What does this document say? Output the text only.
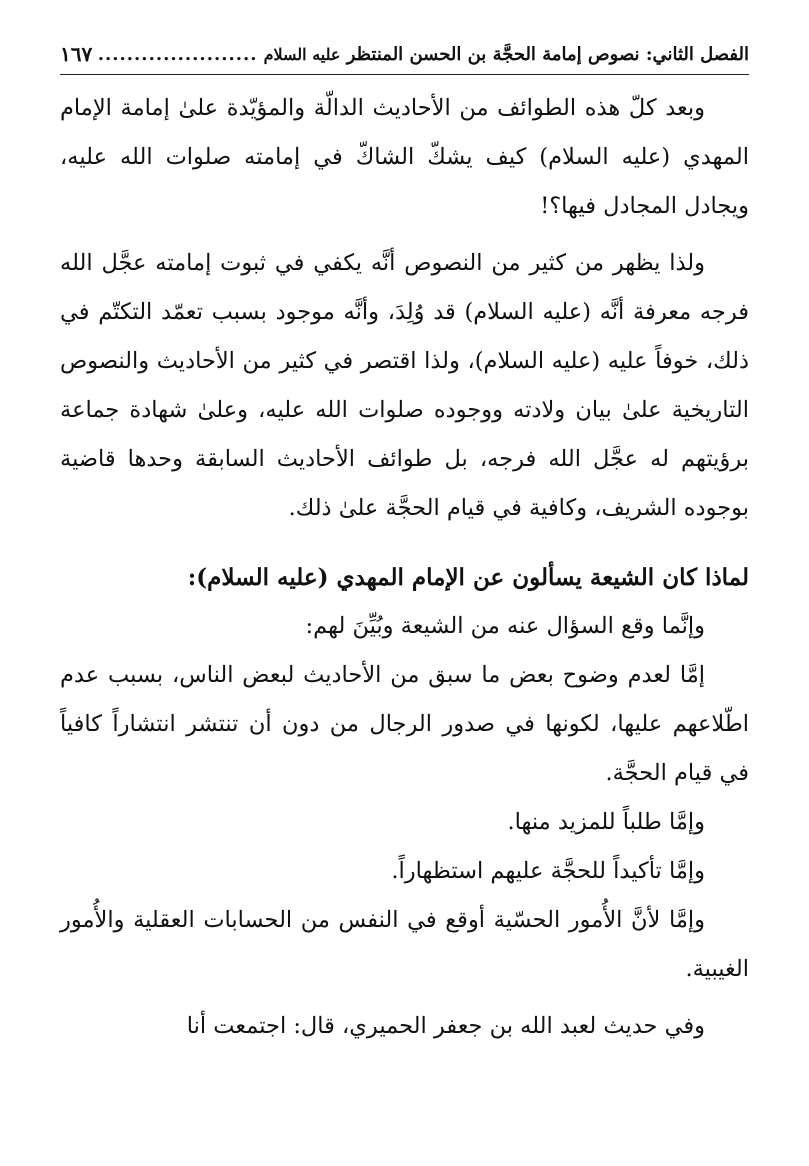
الفصل الثاني: نصوص إمامة الحجَّة بن الحسن المنتظر عليه السلام
.....
١٦٧

وبعد كلّ هذه الطوائف من الأحاديث الدالّة والمؤيّدة علىٰ إمامة الإمام المهدي (عليه السلام) كيف يشكّ الشاكّ في إمامته صلوات الله عليه، ويجادل المجادل فيها؟!

ولذا يظهر من كثير من النصوص أنَّه يكفي في ثبوت إمامته عجَّل الله فرجه معرفة أنَّه (عليه السلام) قد وُلِدَ، وأنَّه موجود بسبب تعمّد التكتّم في ذلك، خوفاً عليه (عليه السلام)، ولذا اقتصر في كثير من الأحاديث والنصوص التاريخية علىٰ بيان ولادته ووجوده صلوات الله عليه، وعلىٰ شهادة جماعة برؤيتهم له عجَّل الله فرجه، بل طوائف الأحاديث السابقة وحدها قاضية بوجوده الشريف، وكافية في قيام الحجَّة علىٰ ذلك.

لماذا كان الشيعة يسألون عن الإمام المهدي (عليه السلام):

وإنَّما وقع السؤال عنه من الشيعة وبُيِّنَ لهم:

إمَّا لعدم وضوح بعض ما سبق من الأحاديث لبعض الناس، بسبب عدم اطّلاعهم عليها، لكونها في صدور الرجال من دون أن تنتشر انتشاراً كافياً في قيام الحجَّة.

وإمَّا طلباً للمزيد منها.

وإمَّا تأكيداً للحجَّة عليهم استظهاراً.

وإمَّا لأنَّ الأُمور الحسّية أوقع في النفس من الحسابات العقلية والأُمور الغيبية.

وفي حديث لعبد الله بن جعفر الحميري، قال: اجتمعت أنا
